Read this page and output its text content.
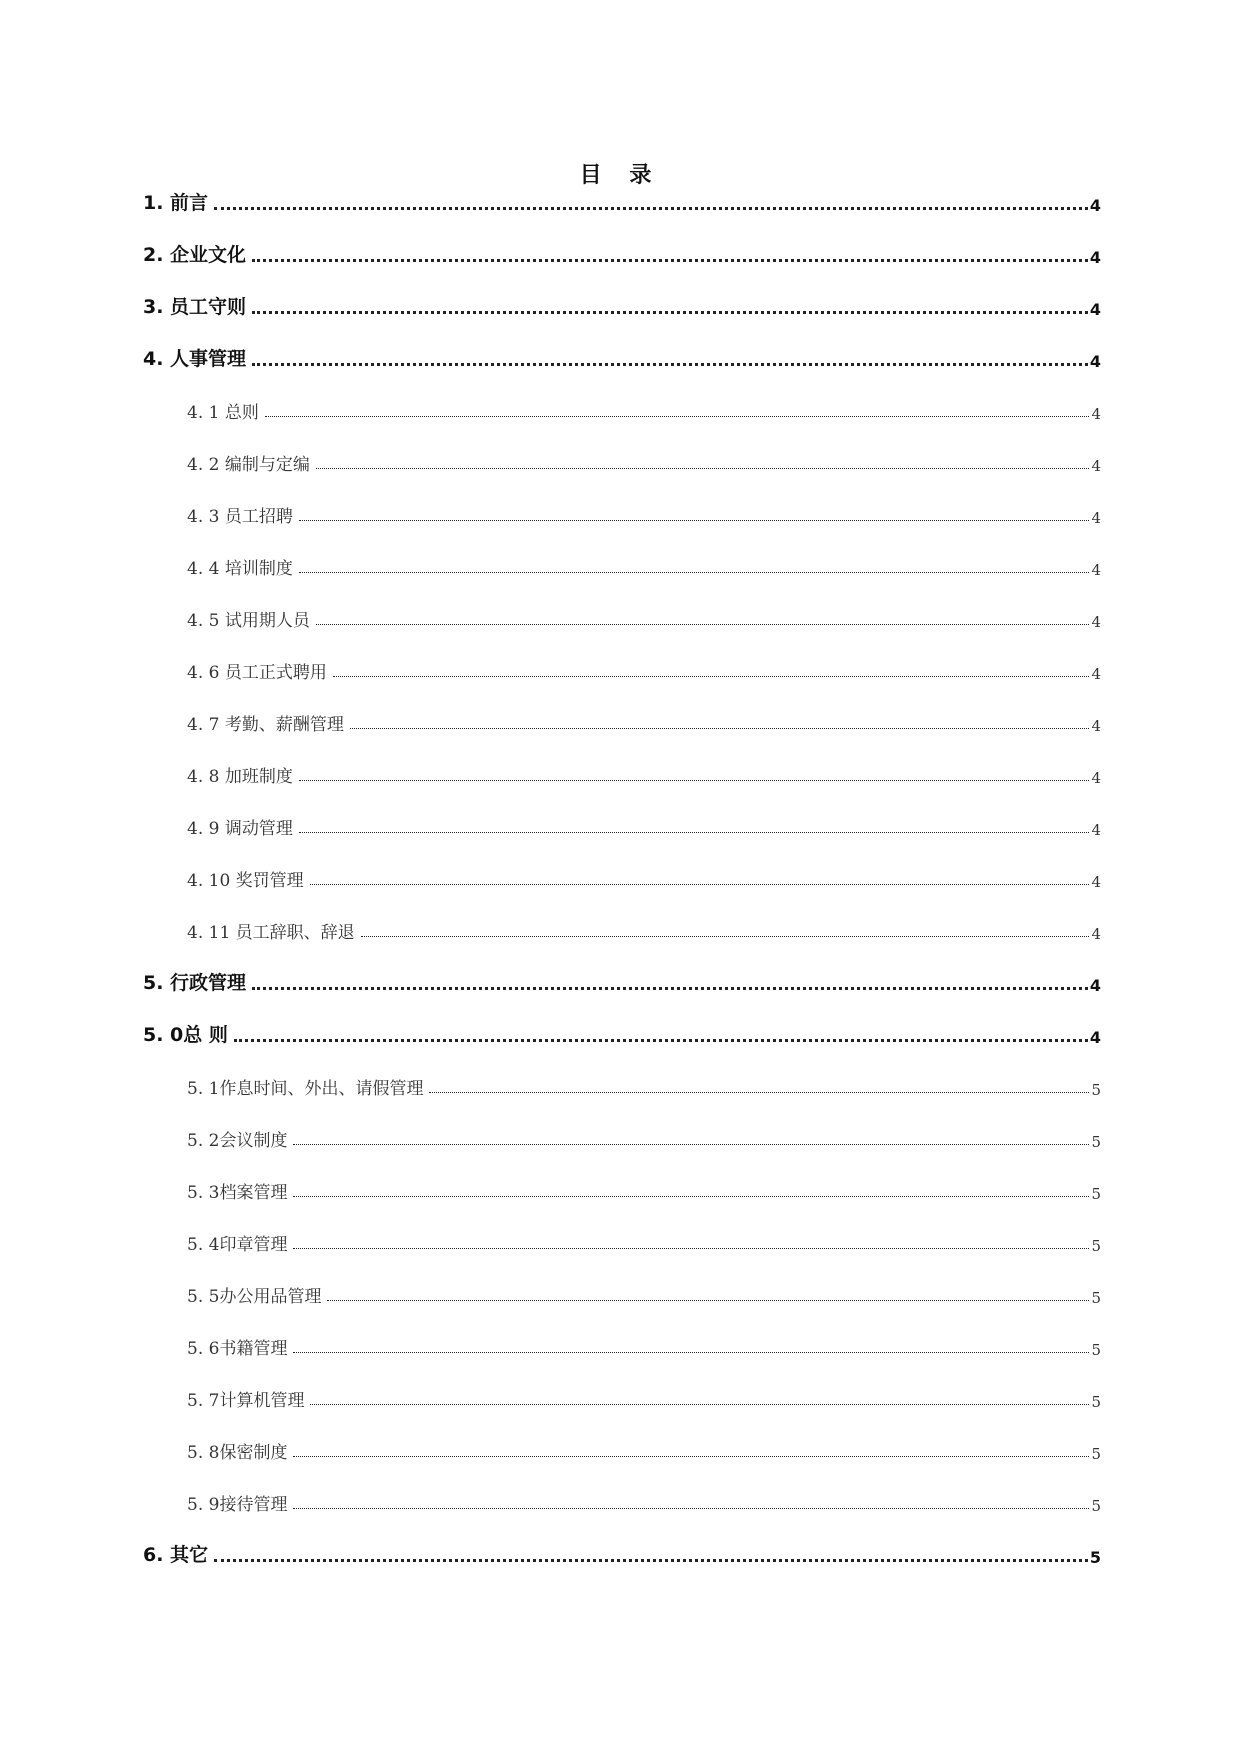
目 录
1. 前言	4
2. 企业文化	4
3. 员工守则	4
4. 人事管理	4
4. 1 总则	4
4. 2 编制与定编	4
4. 3 员工招聘	4
4. 4 培训制度	4
4. 5 试用期人员	4
4. 6 员工正式聘用	4
4. 7 考勤、薪酬管理	4
4. 8 加班制度	4
4. 9 调动管理	4
4. 10 奖罚管理	4
4. 11 员工辞职、辞退	4
5. 行政管理	4
5. 0总 则	4
5. 1作息时间、外出、请假管理	5
5. 2会议制度	5
5. 3档案管理	5
5. 4印章管理	5
5. 5办公用品管理	5
5. 6书籍管理	5
5. 7计算机管理	5
5. 8保密制度	5
5. 9接待管理	5
6. 其它	5
